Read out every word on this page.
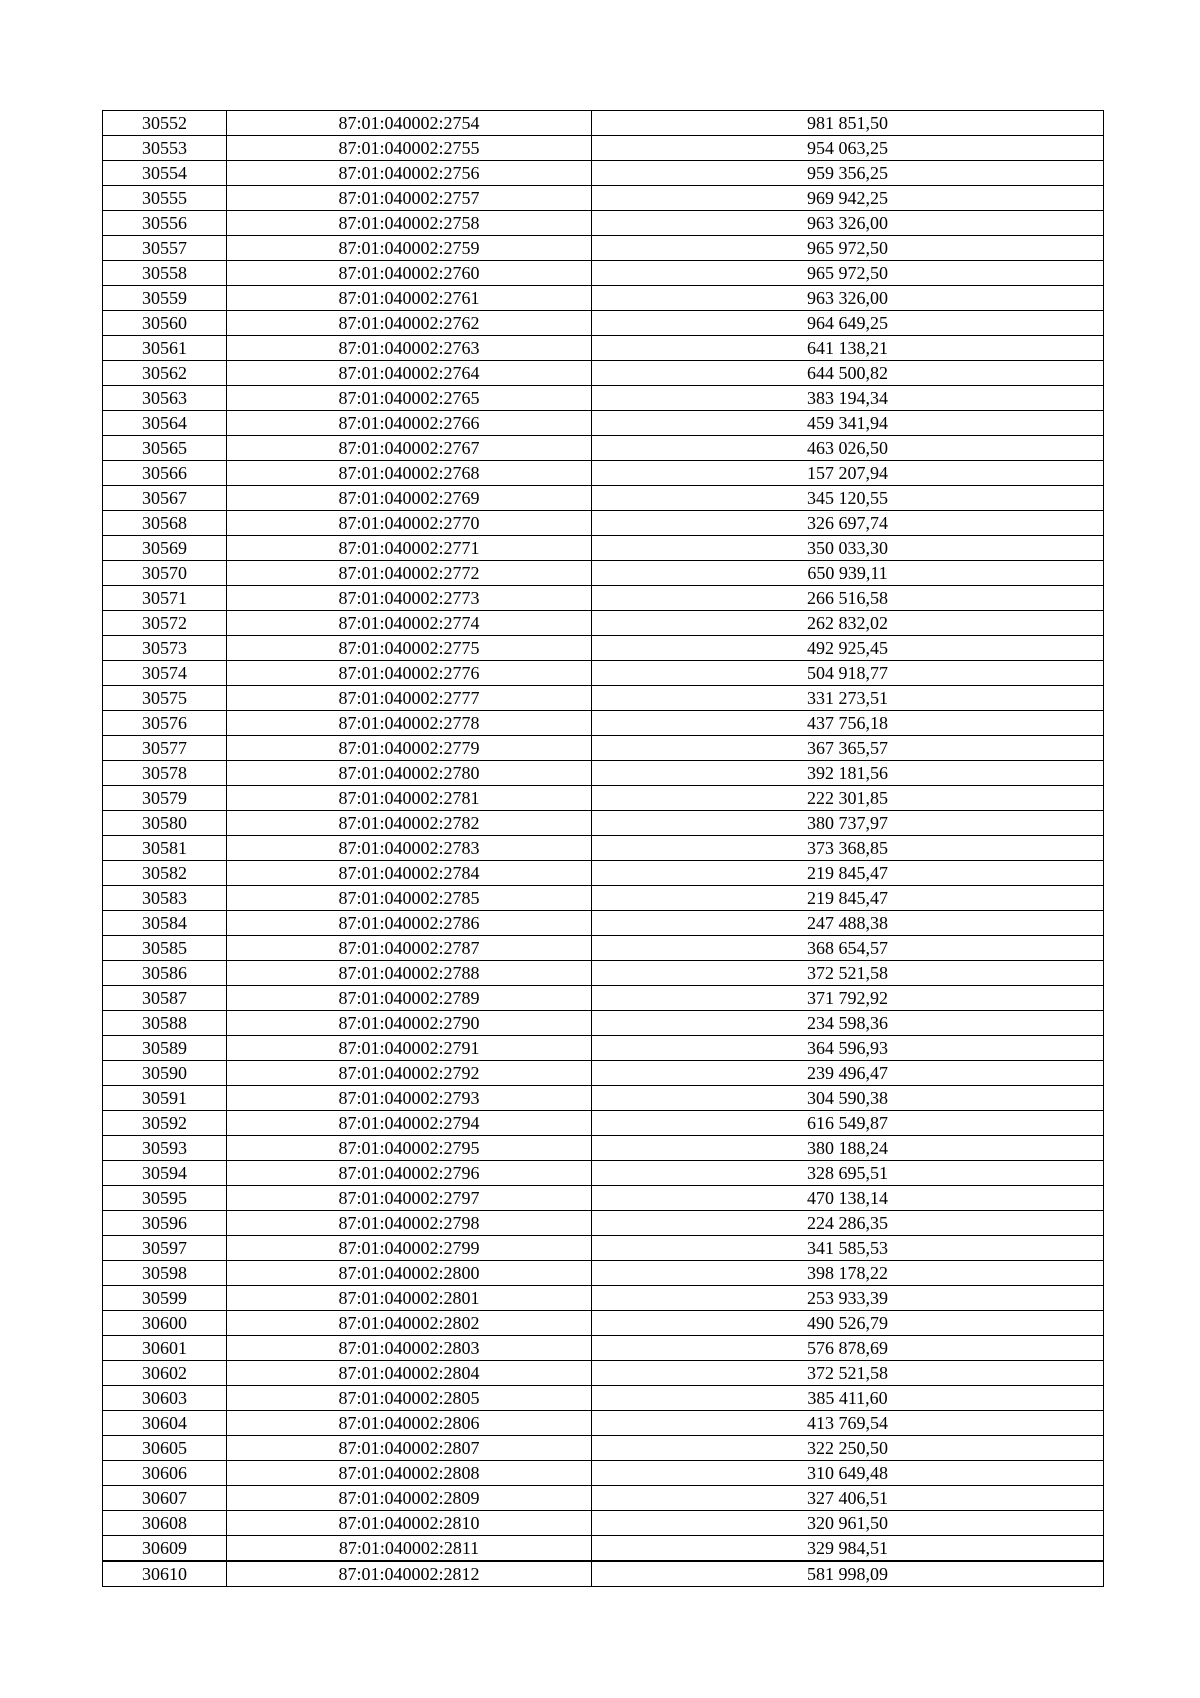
30552	87:01:040002:2754	981 851,50
30553	87:01:040002:2755	954 063,25
30554	87:01:040002:2756	959 356,25
30555	87:01:040002:2757	969 942,25
30556	87:01:040002:2758	963 326,00
30557	87:01:040002:2759	965 972,50
30558	87:01:040002:2760	965 972,50
30559	87:01:040002:2761	963 326,00
30560	87:01:040002:2762	964 649,25
30561	87:01:040002:2763	641 138,21
30562	87:01:040002:2764	644 500,82
30563	87:01:040002:2765	383 194,34
30564	87:01:040002:2766	459 341,94
30565	87:01:040002:2767	463 026,50
30566	87:01:040002:2768	157 207,94
30567	87:01:040002:2769	345 120,55
30568	87:01:040002:2770	326 697,74
30569	87:01:040002:2771	350 033,30
30570	87:01:040002:2772	650 939,11
30571	87:01:040002:2773	266 516,58
30572	87:01:040002:2774	262 832,02
30573	87:01:040002:2775	492 925,45
30574	87:01:040002:2776	504 918,77
30575	87:01:040002:2777	331 273,51
30576	87:01:040002:2778	437 756,18
30577	87:01:040002:2779	367 365,57
30578	87:01:040002:2780	392 181,56
30579	87:01:040002:2781	222 301,85
30580	87:01:040002:2782	380 737,97
30581	87:01:040002:2783	373 368,85
30582	87:01:040002:2784	219 845,47
30583	87:01:040002:2785	219 845,47
30584	87:01:040002:2786	247 488,38
30585	87:01:040002:2787	368 654,57
30586	87:01:040002:2788	372 521,58
30587	87:01:040002:2789	371 792,92
30588	87:01:040002:2790	234 598,36
30589	87:01:040002:2791	364 596,93
30590	87:01:040002:2792	239 496,47
30591	87:01:040002:2793	304 590,38
30592	87:01:040002:2794	616 549,87
30593	87:01:040002:2795	380 188,24
30594	87:01:040002:2796	328 695,51
30595	87:01:040002:2797	470 138,14
30596	87:01:040002:2798	224 286,35
30597	87:01:040002:2799	341 585,53
30598	87:01:040002:2800	398 178,22
30599	87:01:040002:2801	253 933,39
30600	87:01:040002:2802	490 526,79
30601	87:01:040002:2803	576 878,69
30602	87:01:040002:2804	372 521,58
30603	87:01:040002:2805	385 411,60
30604	87:01:040002:2806	413 769,54
30605	87:01:040002:2807	322 250,50
30606	87:01:040002:2808	310 649,48
30607	87:01:040002:2809	327 406,51
30608	87:01:040002:2810	320 961,50
30609	87:01:040002:2811	329 984,51
30610	87:01:040002:2812	581 998,09
